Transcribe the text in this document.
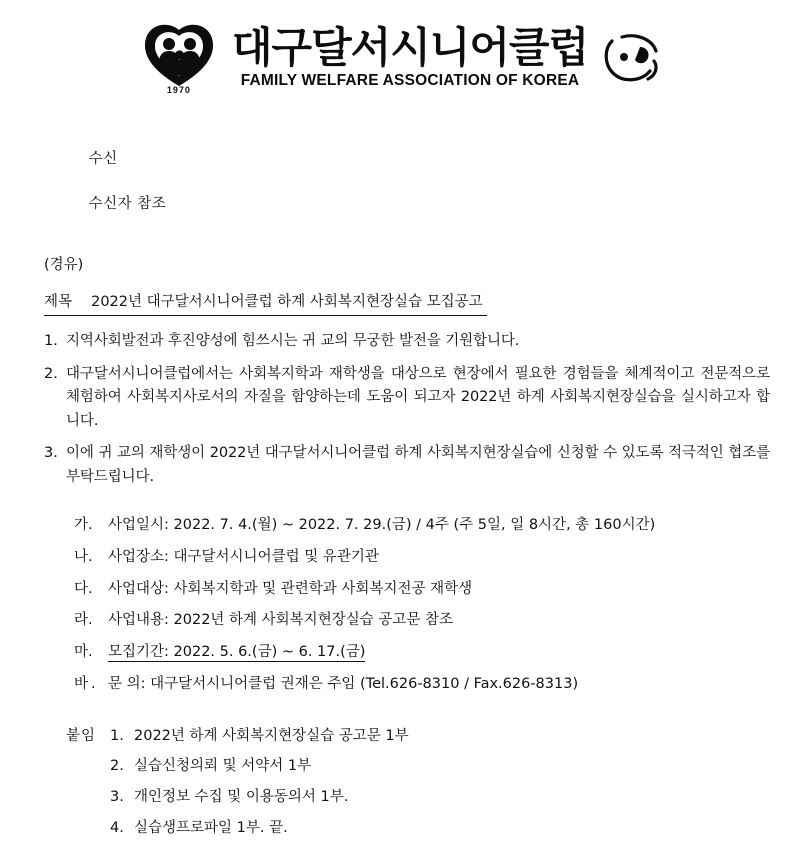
1970
대구달서시니어클럽
FAMILY WELFARE ASSOCIATION OF KOREA

수신

수신자 참조

(경유)
제목 2022년 대구달서시니어클럽 하계 사회복지현장실습 모집공고
1. 지역사회발전과 후진양성에 힘쓰시는 귀 교의 무궁한 발전을 기원합니다.
2. 대구달서시니어클럽에서는 사회복지학과 재학생을 대상으로 현장에서 필요한 경험들을 체계적이고 전문적으로 체험하여 사회복지사로서의 자질을 함양하는데 도움이 되고자 2022년 하계 사회복지현장실습을 실시하고자 합니다.
3. 이에 귀 교의 재학생이 2022년 대구달서시니어클럽 하계 사회복지현장실습에 신청할 수 있도록 적극적인 협조를 부탁드립니다.
가.	사업일시: 2022. 7. 4.(월) ~ 2022. 7. 29.(금) / 4주 (주 5일, 일 8시간, 총 160시간)
나.	사업장소: 대구달서시니어클럽 및 유관기관
다.	사업대상: 사회복지학과 및 관련학과 사회복지전공 재학생
라.	사업내용: 2022년 하계 사회복지현장실습 공고문 참조
마.	모집기간: 2022. 5. 6.(금) ~ 6. 17.(금)
바. 문 의: 대구달서시니어클럽 권재은 주임 (Tel.626-8310 / Fax.626-8313)
붙임 1. 2022년 하계 사회복지현장실습 공고문 1부
2. 실습신청의뢰 및 서약서 1부
3. 개인정보 수집 및 이용동의서 1부.
4. 실습생프로파일 1부. 끝.
